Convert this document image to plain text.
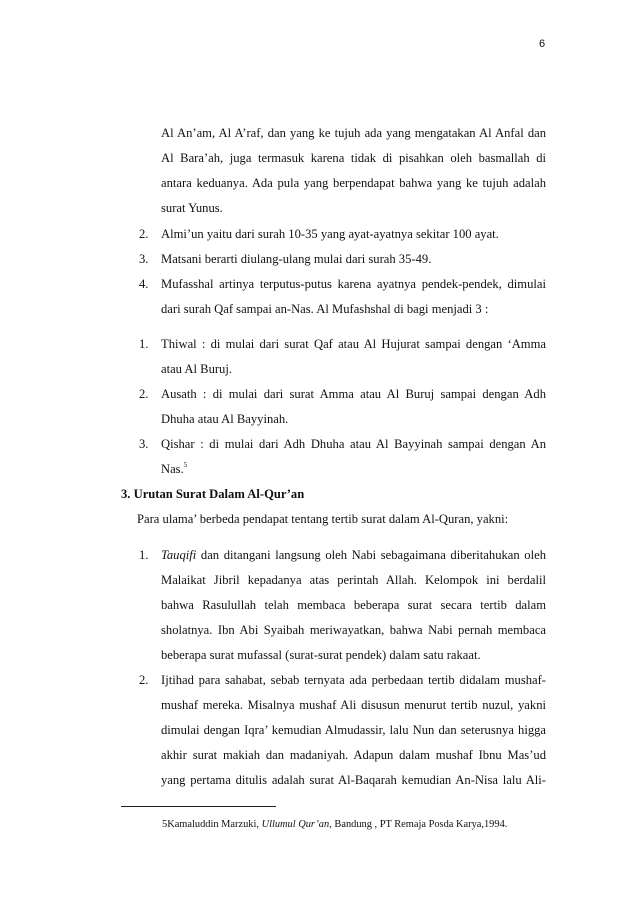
6
Al An’am, Al A’raf, dan yang ke tujuh ada yang mengatakan Al Anfal dan
Al Bara’ah, juga termasuk karena tidak di pisahkan oleh basmallah di
antara keduanya. Ada pula yang berpendapat bahwa yang ke tujuh adalah
surat Yunus.
2. Almi’un yaitu dari surah 10-35 yang ayat-ayatnya sekitar 100 ayat.
3. Matsani berarti diulang-ulang mulai dari surah 35-49.
4. Mufasshal artinya terputus-putus karena ayatnya pendek-pendek, dimulai
dari surah Qaf sampai an-Nas. Al Mufashshal di bagi menjadi 3 :
1. Thiwal : di mulai dari surat Qaf atau Al Hujurat sampai dengan ‘Amma
atau Al Buruj.
2. Ausath : di mulai dari surat Amma atau Al Buruj sampai dengan Adh
Dhuha atau Al Bayyinah.
3. Qishar : di mulai dari Adh Dhuha atau Al Bayyinah sampai dengan An
Nas.$^5$
3. Urutan Surat Dalam Al-Qur’an
Para ulama’ berbeda pendapat tentang tertib surat dalam Al-Quran, yakni:
1. Tauqifi dan ditangani langsung oleh Nabi sebagaimana diberitahukan oleh
Malaikat Jibril kepadanya atas perintah Allah. Kelompok ini berdalil
bahwa Rasulullah telah membaca beberapa surat secara tertib dalam
sholatnya. Ibn Abi Syaibah meriwayatkan, bahwa Nabi pernah membaca
beberapa surat mufassal (surat-surat pendek) dalam satu rakaat.
2. Ijtihad para sahabat, sebab ternyata ada perbedaan tertib didalam mushaf-
mushaf mereka. Misalnya mushaf Ali disusun menurut tertib nuzul, yakni
dimulai dengan Iqra’ kemudian Almudassir, lalu Nun dan seterusnya higga
akhir surat makiah dan madaniyah. Adapun dalam mushaf Ibnu Mas’ud
yang pertama ditulis adalah surat Al-Baqarah kemudian An-Nisa lalu Ali-
5Kamaluddin Marzuki, Ullumul Qur’an, Bandung , PT Remaja Posda Karya,1994.
